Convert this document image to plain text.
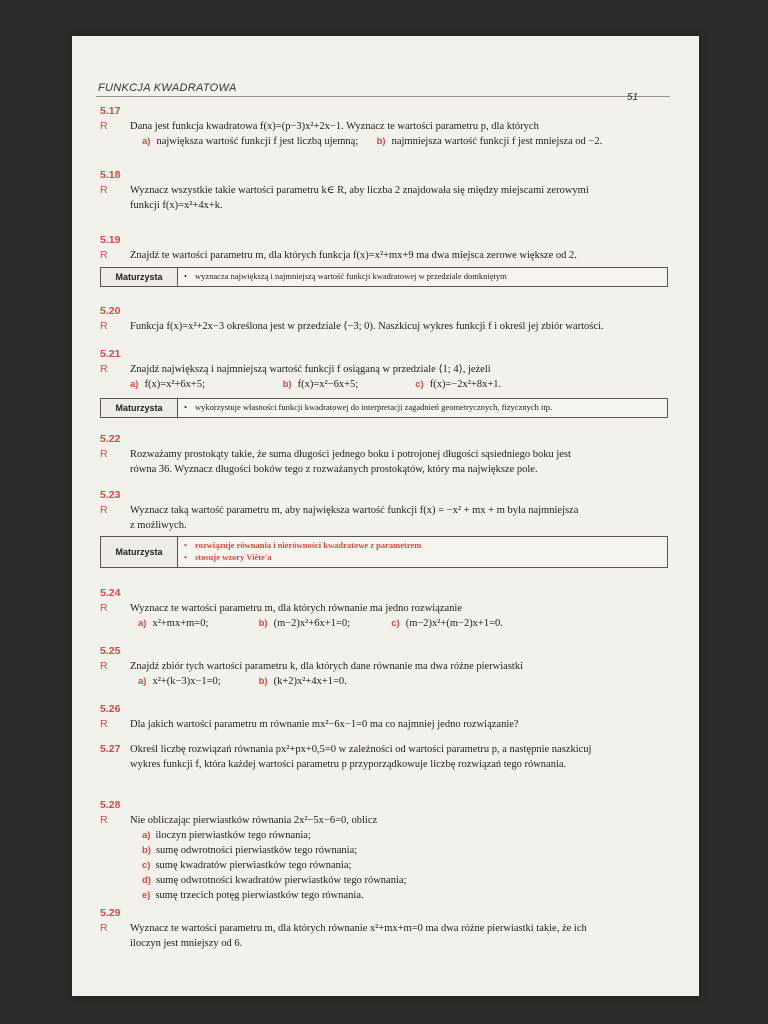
FUNKCJA KWADRATOWA
51
5.17 R Dana jest funkcja kwadratowa f(x)=(p−3)x²+2x−1. Wyznacz te wartości parametru p, dla których
a) największa wartość funkcji f jest liczbą ujemną; b) najmniejsza wartość funkcji f jest mniejsza od −2.
5.18 R Wyznacz wszystkie takie wartości parametru k∈ R, aby liczba 2 znajdowała się między miejscami zerowymi
funkcji f(x)=x²+4x+k.
5.19 R Znajdź te wartości parametru m, dla których funkcja f(x)=x²+mx+9 ma dwa miejsca zerowe większe od 2.
Maturzysta	• wyznacza największą i najmniejszą wartość funkcji kwadratowej w przedziale domkniętym
5.20 R Funkcja f(x)=x²+2x−3 określona jest w przedziale ⟨−3; 0). Naszkicuj wykres funkcji f i określ jej zbiór wartości.
5.21 R Znajdź największą i najmniejszą wartość funkcji f osiąganą w przedziale ⟨1; 4⟩, jeżeli
a) f(x)=x²+6x+5;	b) f(x)=x²−6x+5;	c) f(x)=−2x²+8x+1.
Maturzysta	• wykorzystuje własności funkcji kwadratowej do interpretacji zagadnień geometrycznych, fizycznych itp.
5.22 R Rozważamy prostokąty takie, że suma długości jednego boku i potrojonej długości sąsiedniego boku jest
równa 36. Wyznacz długości boków tego z rozważanych prostokątów, który ma największe pole.
5.23 R Wyznacz taką wartość parametru m, aby największa wartość funkcji f(x) = −x² + mx + m była najmniejsza
z możliwych.
Maturzysta
• rozwiązuje równania i nierówności kwadratowe z parametrem
• stosuje wzory Viète'a
5.24 R Wyznacz te wartości parametru m, dla których równanie ma jedno rozwiązanie
a) x²+mx+m=0;	b) (m−2)x²+6x+1=0;	c) (m−2)x²+(m−2)x+1=0.
5.25 R Znajdź zbiór tych wartości parametru k, dla których dane równanie ma dwa różne pierwiastki
a) x²+(k−3)x−1=0;	b) (k+2)x²+4x+1=0.
5.26 R Dla jakich wartości parametru m równanie mx²−6x−1=0 ma co najmniej jedno rozwiązanie?
5.27 Określ liczbę rozwiązań równania px²+px+0,5=0 w zależności od wartości parametru p, a następnie naszkicuj
wykres funkcji f, która każdej wartości parametru p przyporządkowuje liczbę rozwiązań tego równania.
5.28 R Nie obliczając pierwiastków równania 2x²−5x−6=0, oblicz
a) iloczyn pierwiastków tego równania;
b) sumę odwrotności pierwiastków tego równania;
c) sumę kwadratów pierwiastków tego równania;
d) sumę odwrotności kwadratów pierwiastków tego równania;
e) sumę trzecich potęg pierwiastków tego równania.
5.29 R Wyznacz te wartości parametru m, dla których równanie x²+mx+m=0 ma dwa różne pierwiastki takie, że ich
iloczyn jest mniejszy od 6.
